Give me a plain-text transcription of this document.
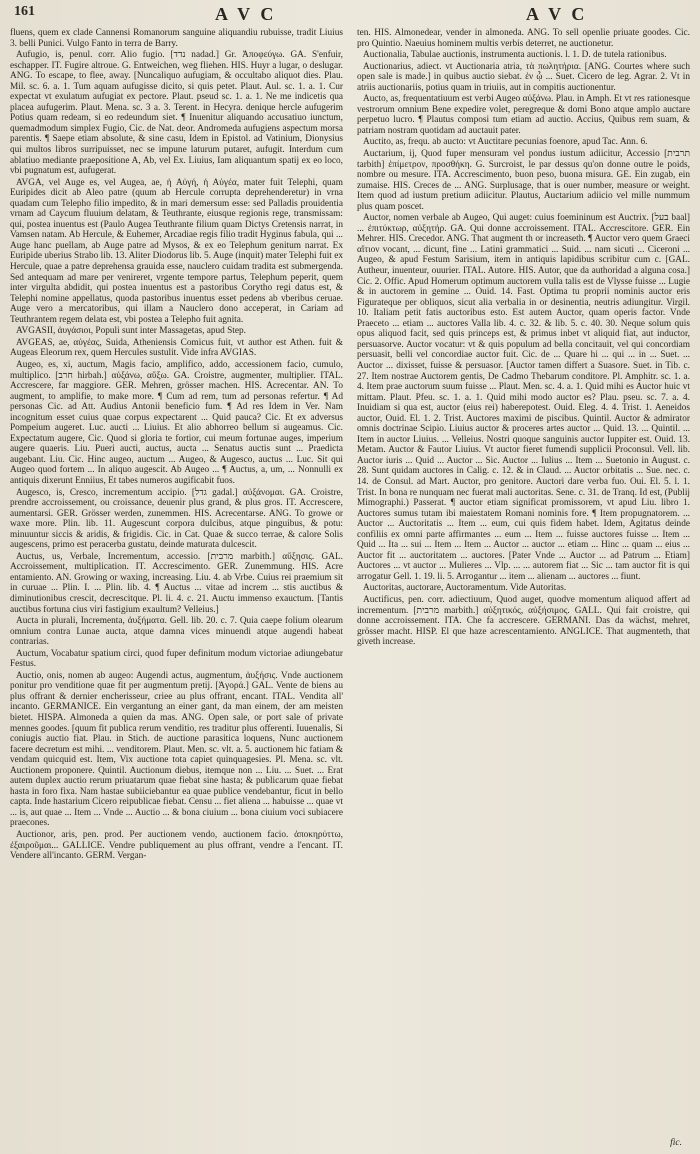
161	A V C	A V C

fluens, quem ex clade Cannensi Romanorum sanguine aliquandiu rubuisse, tradit Liuius 3. belli Punici. Vulgo Fanto in terra de Barry.

Aufugio, is, penul. corr. Alio fugio. [נדד nadad.] Gr. Ἀποφεύγω. GA. S'enfuir, eschapper. IT. Fugire altroue. G. Entweichen, weg fliehen. HIS. Huyr a lugar, o deslugar. ANG. To escape, to flee, away. [Nuncaliquo aufugiam, & occultabo aliquot dies. Plau. Mil. sc. 6. a. 1. Tum aquam aufugisse dicito, si quis petet. Plaut. Aul. sc. 1. a. 1. Cur expectat vt exulatum aufugiat ex pectore. Plaut. pseud sc. 1. a. 1. Ne me indicetis qua placea aufugerim. Plaut. Mena. sc. 3 a. 3. Terent. in Hecyra. denique hercle aufugerim Potius quam redeam, si eo redeundum siet. ¶ Inuenitur aliquando accusatiuo iunctum, quemadmodum simplex Fugio, Cic. de Nat. deor. Andromeda aufugiens aspectum morsa parentis. ¶ Saepe etiam absolute, & sine casu, Idem in Epistol. ad Vatinium, Dionysius qui multos libros surripuisset, nec se impune laturum putaret, aufugit. Interdum cum ablatiuo mediante praepositione A, Ab, vel Ex. Liuius, Iam aliquantum spatij ex eo loco, vbi pugnatum est, aufugerat.

AVGA, vel Auge es, vel Augea, ae, ἡ Αὐγή, ἡ Αὐγέα, mater fuit Telephi, quam Euripides dicit ab Aleo patre (quum ab Hercule corrupta deprehenderetur) in vrna quadam cum Telepho filio impedito, & in mari demersum esse: sed Palladis prouidentia vrnam ad Caycum fluuium delatam, & Teuthrante, eiusque regionis rege, transmissam: qui, postea inuentus est (Paulo Augea Teuthrante filium quam Dictys Cretensis narrat, in Vamsen natam. Ab Hercule, & Euhemer, Arcadiae regis filio tradit Hyginus fabula, qui ... Auge hanc puellam, ab Auge patre ad Mysos, & ex eo Telephum genitum narrat. Ex Euripide uberius Strabo lib. 13. Aliter Diodorus lib. 5. Auge (inquit) mater Telephi fuit ex Hercule, quae a patre deprehensa grauida esse, nauclero cuidam tradita est submergenda. Sed antequam ad mare per venireret, vrgente tempore partus, Telephum peperit, quem inter virgulta abdidit, qui postea inuentus est a pastoribus Corytho regi datus est, & Telephi nomine appellatus, quoda pastoribus inuentus esset pedens ab vberibus ceruae. Auge vero a mercatoribus, qui illam a Nauclero dono acceperat, in Cariam ad Teuthrantem regem delata est, vbi postea a Telepho fuit agnita.

AVGASII, ἀυγάσιοι, Populi sunt inter Massagetas, apud Step.

AVGEAS, ae, αὐγέας, Suida, Atheniensis Comicus fuit, vt author est Athen. fuit & Augeas Eleorum rex, quem Hercules sustulit. Vide infra AVGIAS.

Augeo, es, xi, auctum, Magis facio, amplifico, addo, accessionem facio, cumulo, multiplico. [חרב hirbah.] αὐξάνω, αὔξω. GA. Croistre, augmenter, multiplier. ITAL. Accrescere, far maggiore. GER. Mehren, grösser machen. HIS. Acrecentar. AN. To augment, to amplifie, to make more. ¶ Cum ad rem, tum ad personas refertur. ¶ Ad personas Cic. ad Att. Audius Antonii beneficio fum. ¶ Ad res Idem in Ver. Nam incognitum esset cuius quae corpus expectarent ... Quid pauca? Cic. Et ex adversus Pompeium augeret. Luc. aucti ... Liuius. Et alio abhorreo bellum si augeamus. Cic. Expectatum augere, Cic. Quod si gloria te fortior, cui meum fortunae auges, imperium augere quaeris. Liu. Pueri aucti, auctus, aucta ... Senatus auctis sunt ... Praedicta augebant. Liu. Cic. Hinc augeo, auctum ... Augeo, & Augesco, auctus ... Luc. Sit qui Augeo quod fortem ... In aliquo augescit. Ab Augeo ... ¶ Auctus, a, um, ... Nonnulli ex antiquis dixerunt Enniius, Et tabes numeros augificabit fuos.

Augesco, is, Cresco, incrementum accipio. [גדל gadal.] αὐξάνομαι. GA. Croistre, prendre accroissement, ou croissance, deuenir plus grand, & plus gros. IT. Accrescere, aumentarsi. GER. Grösser werden, zunemmen. HIS. Acrecentarse. ANG. To growe or waxe more. Plin. lib. 11. Augescunt corpora dulcibus, atque pinguibus, & potu: minuuntur siccis & aridis, & frigidis. Cic. in Cat. Quae & succo terrae, & calore Solis augescens, primo est peracerba gustatu, deinde maturata dulcescit.

Auctus, us, Verbale, Incrementum, accessio. [מרבית marbith.] αὔξησις. GAL. Accroissement, multiplication. IT. Accrescimento. GER. Zunemmung. HIS. Acre entamiento. AN. Growing or waxing, increasing. Liu. 4. ab Vrbe. Cuius rei praemium sit in curuae ... Plin. I. ... Plin. lib. 4. ¶ Auctus ... vitae ad increm ... stis auctibus & diminutionibus crescit, decrescitque. Pl. li. 4. c. 21. Auctu immenso exauctum. [Tantis auctibus fortuna cius viri fastigium exaultum? Velleius.]

Aucta in plurali, Incrementa, ἀυξήματα. Gell. lib. 20. c. 7. Quia caepe folium olearum omnium contra Lunae aucta, atque damna vices minuendi atque augendi habeat contrarias.

Auctum, Vocabatur spatium circi, quod fuper definitum modum victoriae adiungebatur Festus.

Auctio, onis, nomen ab augeo: Augendi actus, augmentum, ἀυξήσις. Vnde auctionem ponitur pro venditione quae fit per augmentum pretij. [Ἀγορά.] GAL. Vente de biens au plus offrant & dernier encherisseur, criee au plus offrant, encant. ITAL. Vendita all' incanto. GERMANICE. Ein vergantung an einer gant, da man einem, der am meisten bietet. HISPA. Almoneda a quien da mas. ANG. Open sale, or port sale of private mennes goodes. [quum fit publica rerum venditio, res traditur plus offerenti. Iuuenalis, Si coniugis auctio fiat. Plau. in Stich. de auctione parasitica loquens, Nunc auctionem facere decretum est mihi. ... venditorem. Plaut. Men. sc. vlt. a. 5. auctionem hic fatiam & vendam quicquid est. Item, Vix auctione tota capiet quinquagesies. Pl. Mena. sc. vlt. Auctionem proponere. Quintil. Auctionum diebus, itemque non ... Liu. ... Suet. ... Erat autem duplex auctio rerum priuatarum quae fiebat sine hasta; & publicarum quae fiebat hasta in foro fixa. Nam hastae subiiciebantur ea quae publice vendebantur, ficut in bello capta. Inde hastarium Cicero reipublicae fiebat. Censu ... fiet aliena ... habuisse ... quae vt ... is, aut quae ... Item ... Vnde ... Auctio ... & bona ciuium ... bona ciuium voci subiacere praecones.

Auctionor, aris, pen. prod. Per auctionem vendo, auctionem facio. ἀποκηρύττω, ἐξαιροῦμαι... GALLICE. Vendre publiquement au plus offrant, vendre a l'encant. IT. Vendere all'incanto. GERM. Vergan-

ten. HIS. Almonedear, vender in almoneda. ANG. To sell openlie priuate goodes. Cic. pro Quintio. Naeuius hominem multis verbis deterret, ne auctionetur.

Auctionalia, Tabulae auctionis, instrumenta auctionis. l. 1. D. de tutela rationibus.

Auctionarius, adiect. vt Auctionaria atria, τὰ πωλητήρια. [ANG. Courtes where such open sale is made.] in quibus auctio siebat. ἐν ᾧ ... Suet. Cicero de leg. Agrar. 2. Vt in atriis auctionariis, potius quam in triuiis, aut in compitis auctionentur.

Aucto, as, frequentatiuum est verbi Augeo αὐξάνω. Plau. in Amph. Et vt res rationesque vestrorum omnium Bene expedire volet, peregreque & domi Bono atque amplo auctare perpetuo lucro. ¶ Plautus composi tum etiam ad auctio. Accius, Quibus rem suam, & patriam nostram quotidam ad auctauit pater.

Auctito, as, frequ. ab aucto: vt Auctitare pecunias foenore, apud Tac. Ann. 6.

Auctarium, ij, Quod fuper mensuram vel pondus iustum adiicitur, Accessio [תרבית tarbith] ἐπίμετρον, προσθήκη. G. Surcroist, le par dessus qu'on donne outre le poids, nombre ou mesure. ITA. Accrescimento, buon peso, buona misura. GE. Ein zugab, ein zumaise. HIS. Creces de ... ANG. Surplusage, that is ouer number, measure or weight. Item quod ad iustum pretium adiicitur. Plautus, Auctarium adiicio vel mille nummum plus quam poscet.

Auctor, nomen verbale ab Augeo, Qui auget: cuius foemininum est Auctrix. [בעל baal] ... ἐπιτύκτωρ, αὐξητήρ. GA. Qui donne accroissement. ITAL. Accrescitore. GER. Ein Mehrer. HIS. Crecedor. ANG. That augment th or increaseth. ¶ Auctor vero quem Graeci αἴτιον vocant, ... dicunt, fine ... Latini grammatici ... Suid. ... nam sicuti ... Ciceroni ... Augeo, & apud Festum Sarisium, item in antiquis lapidibus scribitur cum c. [GAL. Autheur, inuenteur, ouurier. ITAL. Autore. HIS. Autor, que da authoridad a alguna cosa.] Cic. 2. Offic. Apud Homerum optimum auctorem vulla talis est de Vlysse fuisse ... Lugie & in auctorem in gemine ... Ouid. 14. Fast. Optima tu proprii nominis auctor eris Figurateque per obliquos, sicut alia verbalia in or desinentia, neutris adiungitur. Virgil. 10. Italiam petit fatis auctoribus esto. Est autem Auctor, quam operis factor. Vnde Praeceto ... etiam ... auctores Valla lib. 4. c. 32. & lib. 5. c. 40. 30. Neque solum quis opus aliquod facit, sed quis princeps est, & primus inbet vt aliquid fiat, aut inductor, persuasorve. Auctor vocatur: vt & quis populum ad bella concitauit, vel qui concordiam persuasit, belli vel concordiae auctor fuit. Cic. de ... Quare hi ... qui ... in ... Suet. ... Auctor ... dixisset, fuisse & persuasor. [Auctor tamen differt a Suasore. Suet. in Tib. c. 27. Item nostrae Auctorem gentis, De Cadmo Thebarum conditore. Pl. Amphitr. sc. 1. a. 4. Item prae auctorum suum fuisse ... Plaut. Men. sc. 4. a. 1. Quid mihi es Auctor huic vt mittam. Plaut. Pfeu. sc. 1. a. 1. Quid mihi modo auctor es? Plau. pseu. sc. 7. a. 4. Inuidiam si qua est, auctor (eius rei) haberepotest. Ouid. Eleg. 4. 4. Trist. 1. Aeneidos auctor, Ouid. El. 1. 2. Trist. Auctores maximi de piscibus. Quintil. Auctor & admirator omnis doctrinae Scipio. Liuius auctor & proceres artes auctor ... Quid. 13. ... Quintil. ... Item in auctor Liuius. ... Velleius. Nostri quoque sanguinis auctor Iuppiter est. Ouid. 13. Metam. Auctor & Fautor Liuius. Vt auctor fieret fumendi supplicii Proconsul. Vell. lib. Auctor iuris ... Quid ... Auctor ... Sic. Auctor ... Iulius ... Item ... Suetonio in August. c. 28. Sunt quidam auctores in Calig. c. 12. & in Claud. ... Auctor orbitatis ... Sue. nec. c. 14. de Consul. ad Mart. Auctor, pro genitore. Auctori dare verba fuo. Oui. El. 5. l. 1. Trist. In bona re nunquam nec fuerat mali auctoritas. Sene. c. 31. de Tranq. Id est, (Publij Mimographi.) Passerat. ¶ auctor etiam significat promissorem, vt apud Liu. libro 1. Auctores sumus tutam ibi maiestatem Romani nominis fore. ¶ Item propugnatorem. ... Auctor ... Auctoritatis ... Item ... eum, cui quis fidem habet. Idem, Agitatus deinde confiliis ex omni parte affirmantes ... eum ... Item ... fuisse auctores fuisse ... Item ... Quid ... Ita ... sui ... Item ... Item ... Auctor ... auctor ... etiam ... Hinc ... quam ... eius ... Auctor fit ... auctoritatem ... auctores. [Pater Vnde ... Auctor ... ad Patrum ... Etiam] Auctores ... vt auctor ... Mulieres ... Vlp. ... ... autorem fiat ... Sic ... tam auctor fit is qui arrogatur Gell. 1. 19. li. 5. Arrogantur ... item ... alienam ... auctores ... fiunt.

Auctoritas, auctorare, Auctoramentum. Vide Autoritas.

Auctificus, pen. corr. adiectiuum, Quod auget, quodve momentum aliquod affert ad incrementum. [מרבית marbith.] αὐξητικός, αὐξήσιμος. GALL. Qui fait croistre, qui donne accroissement. ITA. Che fa accrescere. GERMANI. Das da wächst, mehret, grösser macht. HISP. El que haze acrescentamiento. ANGLICE. That augmenteth, that giveth increase.

fic.
